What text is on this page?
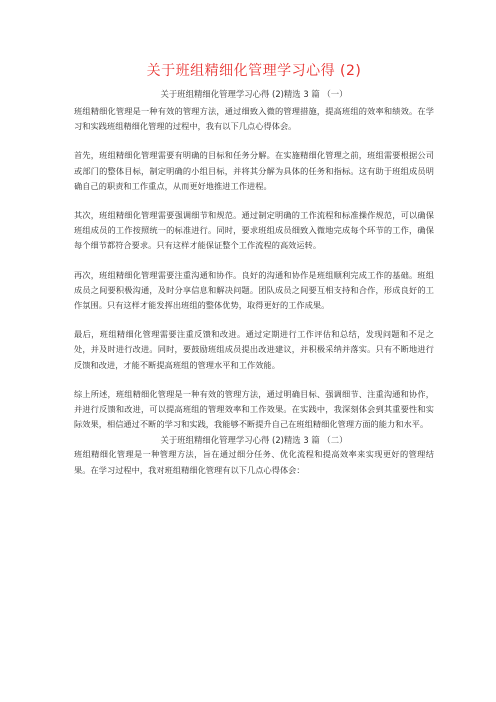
关于班组精细化管理学习心得 (2)
关于班组精细化管理学习心得 (2)精选 3 篇 （一）

班组精细化管理是一种有效的管理方法，通过细致入微的管理措施，提高班组的效率和绩效。在学习和实践班组精细化管理的过程中，我有以下几点心得体会。

首先，班组精细化管理需要有明确的目标和任务分解。在实施精细化管理之前，班组需要根据公司或部门的整体目标，制定明确的小组目标，并将其分解为具体的任务和指标。这有助于班组成员明确自己的职责和工作重点，从而更好地推进工作进程。

其次，班组精细化管理需要强调细节和规范。通过制定明确的工作流程和标准操作规范，可以确保班组成员的工作按照统一的标准进行。同时，要求班组成员细致入微地完成每个环节的工作，确保每个细节都符合要求。只有这样才能保证整个工作流程的高效运转。

再次，班组精细化管理需要注重沟通和协作。良好的沟通和协作是班组顺利完成工作的基础。班组成员之间要积极沟通，及时分享信息和解决问题。团队成员之间要互相支持和合作，形成良好的工作氛围。只有这样才能发挥出班组的整体优势，取得更好的工作成果。

最后，班组精细化管理需要注重反馈和改进。通过定期进行工作评估和总结，发现问题和不足之处，并及时进行改进。同时，要鼓励班组成员提出改进建议，并积极采纳并落实。只有不断地进行反馈和改进，才能不断提高班组的管理水平和工作效能。

综上所述，班组精细化管理是一种有效的管理方法，通过明确目标、强调细节、注重沟通和协作，并进行反馈和改进，可以提高班组的管理效率和工作效果。在实践中，我深刻体会到其重要性和实际效果，相信通过不断的学习和实践，我能够不断提升自己在班组精细化管理方面的能力和水平。

关于班组精细化管理学习心得 (2)精选 3 篇 （二）

班组精细化管理是一种管理方法，旨在通过细分任务、优化流程和提高效率来实现更好的管理结果。在学习过程中，我对班组精细化管理有以下几点心得体会：
